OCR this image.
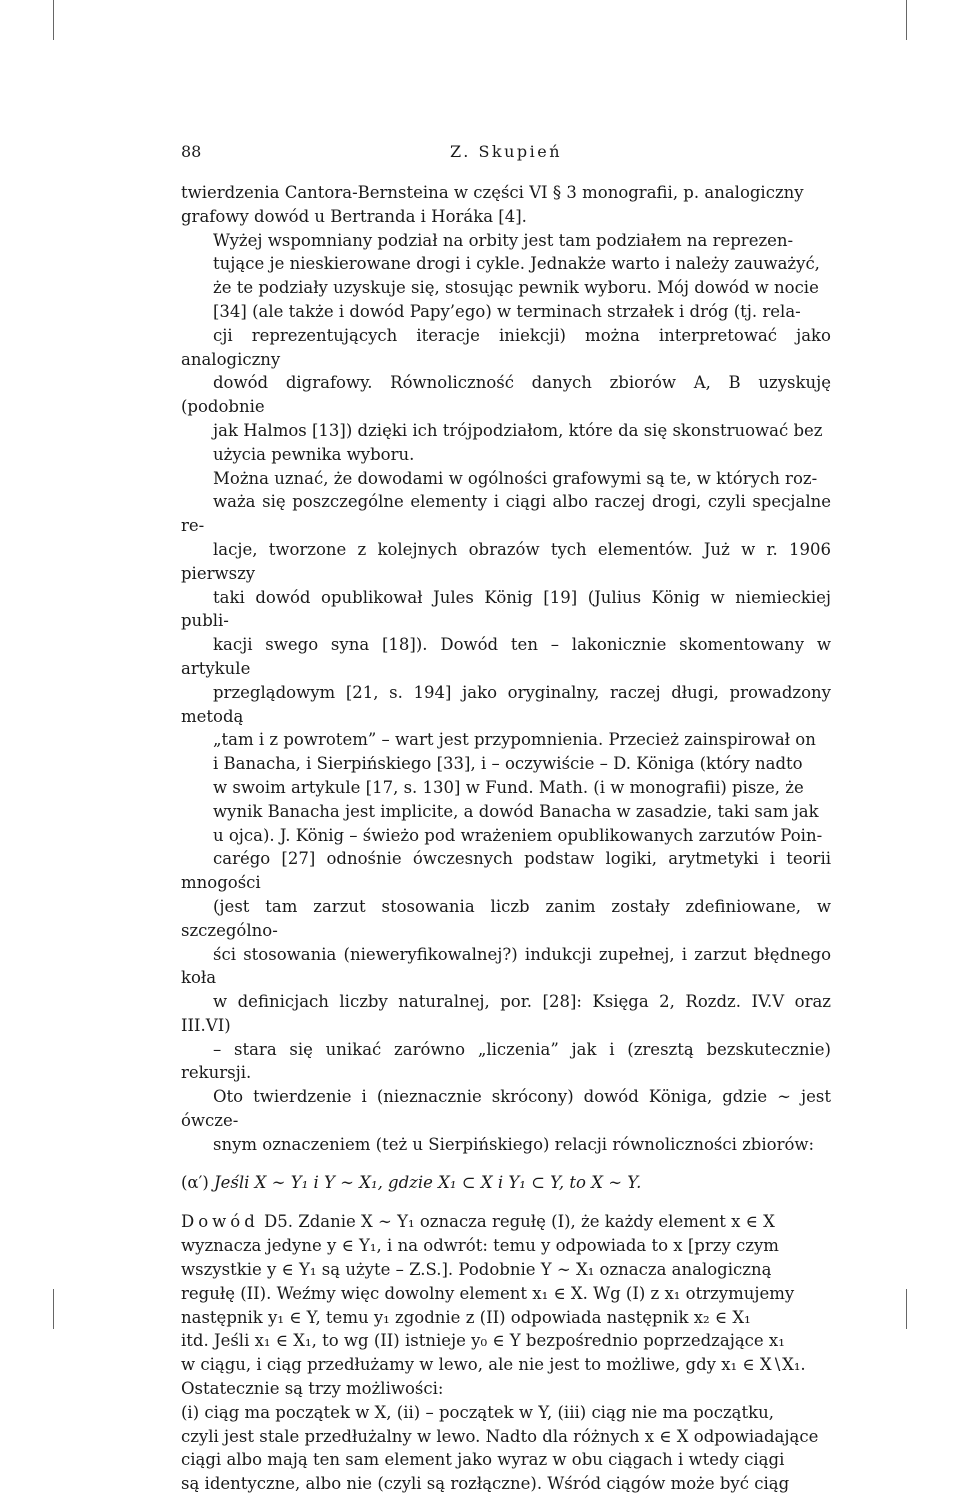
88	Z. Skupień
twierdzenia Cantora-Bernsteina w części VI § 3 monografii, p. analogiczny
grafowy dowód u Bertranda i Horáka [4].
Wyżej wspomniany podział na orbity jest tam podziałem na reprezen-
tujące je nieskierowane drogi i cykle. Jednakże warto i należy zauważyć,
że te podziały uzyskuje się, stosując pewnik wyboru. Mój dowód w nocie
[34] (ale także i dowód Papy’ego) w terminach strzałek i dróg (tj. rela-
cji reprezentujących iteracje iniekcji) można interpretować jako analogiczny
dowód digrafowy. Równoliczność danych zbiorów A, B uzyskuję (podobnie
jak Halmos [13]) dzięki ich trójpodziałom, które da się skonstruować bez
użycia pewnika wyboru.
Można uznać, że dowodami w ogólności grafowymi są te, w których roz-
waża się poszczególne elementy i ciągi albo raczej drogi, czyli specjalne re-
lacje, tworzone z kolejnych obrazów tych elementów. Już w r. 1906 pierwszy
taki dowód opublikował Jules König [19] (Julius König w niemieckiej publi-
kacji swego syna [18]). Dowód ten – lakonicznie skomentowany w artykule
przeglądowym [21, s. 194] jako oryginalny, raczej długi, prowadzony metodą
„tam i z powrotem” – wart jest przypomnienia. Przecież zainspirował on
i Banacha, i Sierpińskiego [33], i – oczywiście – D. Königa (który nadto
w swoim artykule [17, s. 130] w Fund. Math. (i w monografii) pisze, że
wynik Banacha jest implicite, a dowód Banacha w zasadzie, taki sam jak
u ojca). J. König – świeżo pod wrażeniem opublikowanych zarzutów Poin-
carégo [27] odnośnie ówczesnych podstaw logiki, arytmetyki i teorii mnogości
(jest tam zarzut stosowania liczb zanim zostały zdefiniowane, w szczególno-
ści stosowania (nieweryfikowalnej?) indukcji zupełnej, i zarzut błędnego koła
w definicjach liczby naturalnej, por. [28]: Księga 2, Rozdz. IV.V oraz III.VI)
– stara się unikać zarówno „liczenia” jak i (zresztą bezskutecznie) rekursji.
Oto twierdzenie i (nieznacznie skrócony) dowód Königa, gdzie ∼ jest ówcze-
snym oznaczeniem (też u Sierpińskiego) relacji równoliczności zbiorów:
(α′) Jeśli X ∼ Y₁ i Y ∼ X₁, gdzie X₁ ⊂ X i Y₁ ⊂ Y, to X ∼ Y.
Dowód D5. Zdanie X ∼ Y₁ oznacza regułę (I), że każdy element x ∈ X
wyznacza jedyne y ∈ Y₁, i na odwrót: temu y odpowiada to x [przy czym
wszystkie y ∈ Y₁ są użyte – Z.S.]. Podobnie Y ∼ X₁ oznacza analogiczną
regułę (II). Weźmy więc dowolny element x₁ ∈ X. Wg (I) z x₁ otrzymujemy
następnik y₁ ∈ Y, temu y₁ zgodnie z (II) odpowiada następnik x₂ ∈ X₁
itd. Jeśli x₁ ∈ X₁, to wg (II) istnieje y₀ ∈ Y bezpośrednio poprzedzające x₁
w ciągu, i ciąg przedłużamy w lewo, ale nie jest to możliwe, gdy x₁ ∈ X∖X₁.
Ostatecznie są trzy możliwości:
(i) ciąg ma początek w X, (ii) – początek w Y, (iii) ciąg nie ma początku,
czyli jest stale przedłużalny w lewo. Nadto dla różnych x ∈ X odpowiadające
ciągi albo mają ten sam element jako wyraz w obu ciągach i wtedy ciągi
są identyczne, albo nie (czyli są rozłączne). Wśród ciągów może być ciąg
